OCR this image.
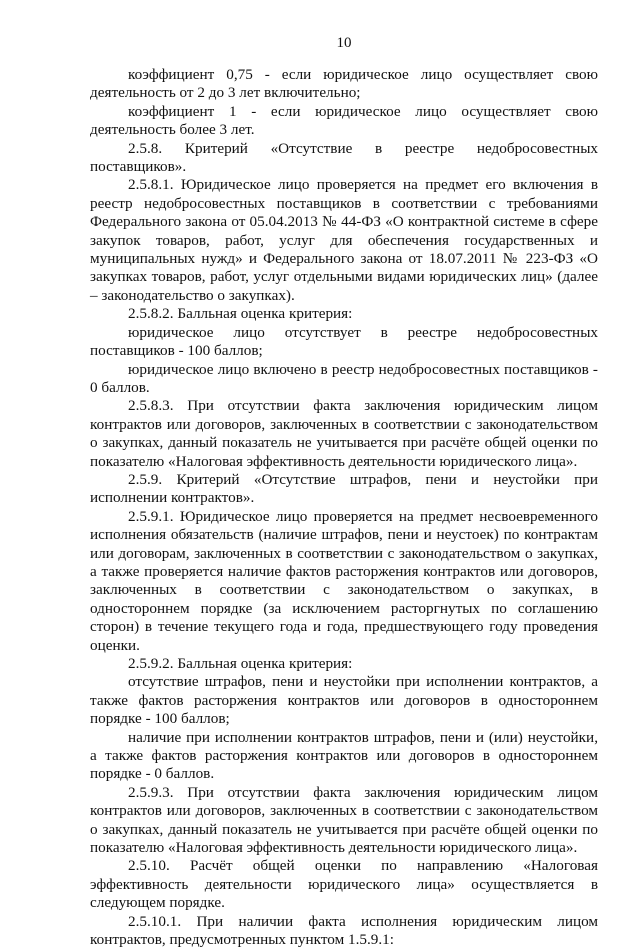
10

коэффициент 0,75 - если юридическое лицо осуществляет свою деятельность от 2 до 3 лет включительно;

коэффициент 1 - если юридическое лицо осуществляет свою деятельность более 3 лет.

2.5.8. Критерий «Отсутствие в реестре недобросовестных поставщиков».

2.5.8.1. Юридическое лицо проверяется на предмет его включения в реестр недобросовестных поставщиков в соответствии с требованиями Федерального закона от 05.04.2013 № 44-ФЗ «О контрактной системе в сфере закупок товаров, работ, услуг для обеспечения государственных и муниципальных нужд» и Федерального закона от 18.07.2011 № 223-ФЗ «О закупках товаров, работ, услуг отдельными видами юридических лиц» (далее – законодательство о закупках).

2.5.8.2. Балльная оценка критерия:

юридическое лицо отсутствует в реестре недобросовестных поставщиков - 100 баллов;

юридическое лицо включено в реестр недобросовестных поставщиков - 0 баллов.

2.5.8.3. При отсутствии факта заключения юридическим лицом контрактов или договоров, заключенных в соответствии с законодательством о закупках, данный показатель не учитывается при расчёте общей оценки по показателю «Налоговая эффективность деятельности юридического лица».

2.5.9. Критерий «Отсутствие штрафов, пени и неустойки при исполнении контрактов».

2.5.9.1. Юридическое лицо проверяется на предмет несвоевременного исполнения обязательств (наличие штрафов, пени и неустоек) по контрактам или договорам, заключенных в соответствии с законодательством о закупках, а также проверяется наличие фактов расторжения контрактов или договоров, заключенных в соответствии с законодательством о закупках, в одностороннем порядке (за исключением расторгнутых по соглашению сторон) в течение текущего года и года, предшествующего году проведения оценки.

2.5.9.2. Балльная оценка критерия:

отсутствие штрафов, пени и неустойки при исполнении контрактов, а также фактов расторжения контрактов или договоров в одностороннем порядке - 100 баллов;

наличие при исполнении контрактов штрафов, пени и (или) неустойки, а также фактов расторжения контрактов или договоров в одностороннем порядке - 0 баллов.

2.5.9.3. При отсутствии факта заключения юридическим лицом контрактов или договоров, заключенных в соответствии с законодательством о закупках, данный показатель не учитывается при расчёте общей оценки по показателю «Налоговая эффективность деятельности юридического лица».

2.5.10. Расчёт общей оценки по направлению «Налоговая эффективность деятельности юридического лица» осуществляется в следующем порядке.

2.5.10.1. При наличии факта исполнения юридическим лицом контрактов, предусмотренных пунктом 1.5.9.1:
